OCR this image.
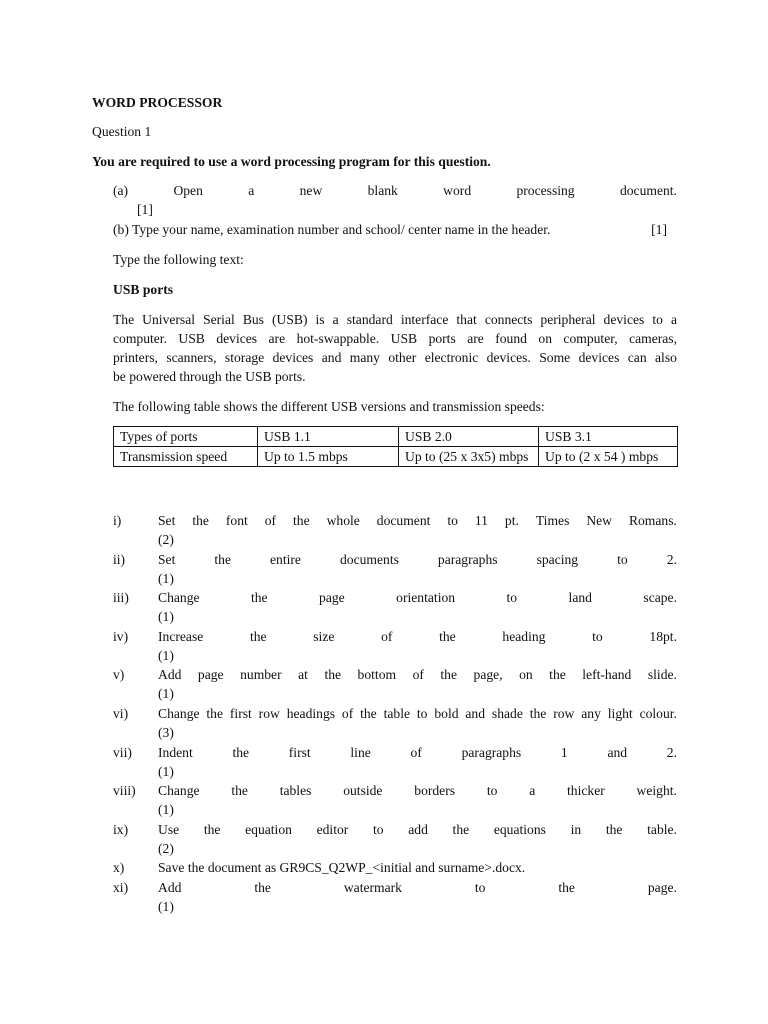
WORD PROCESSOR
Question 1
You are required to use a word processing program for this question.
(a)	Open	a	new	blank	word	processing	document.
[1]
(b) Type your name, examination number and school/ center name in the header.	[1]
Type the following text:
USB ports
The Universal Serial Bus (USB) is a standard interface that connects peripheral devices to a
computer. USB devices are hot-swappable. USB ports are found on computer, cameras,
printers, scanners, storage devices and many other electronic devices. Some devices can also
be powered through the USB ports.
The following table shows the different USB versions and transmission speeds:
Types of ports	USB 1.1	USB 2.0	USB 3.1
Transmission speed	Up to 1.5 mbps	Up to (25 x 3x5) mbps	Up to (2 x 54 ) mbps
i)	Set the font of the whole document to 11 pt. Times New Romans.
(2)
ii) Set	the	entire	documents	paragraphs	spacing	to	2.
(1)
iii) Change	the	page	orientation	to	land	scape.
(1)
iv) Increase	the	size	of	the	heading	to	18pt.
(1)
v) Add page number at the bottom of the page, on the left-hand slide.
(1)
vi) Change the first row headings of the table to bold and shade the row any light colour.
(3)
vii) Indent	the	first	line	of	paragraphs	1	and	2.
(1)
viii) Change the tables outside borders to a thicker weight.
(1)
ix) Use the equation editor to add the equations in the table.
(2)
x) Save the document as GR9CS_Q2WP_<initial and surname>.docx.
xi) Add	the	watermark	to	the	page.
(1)
